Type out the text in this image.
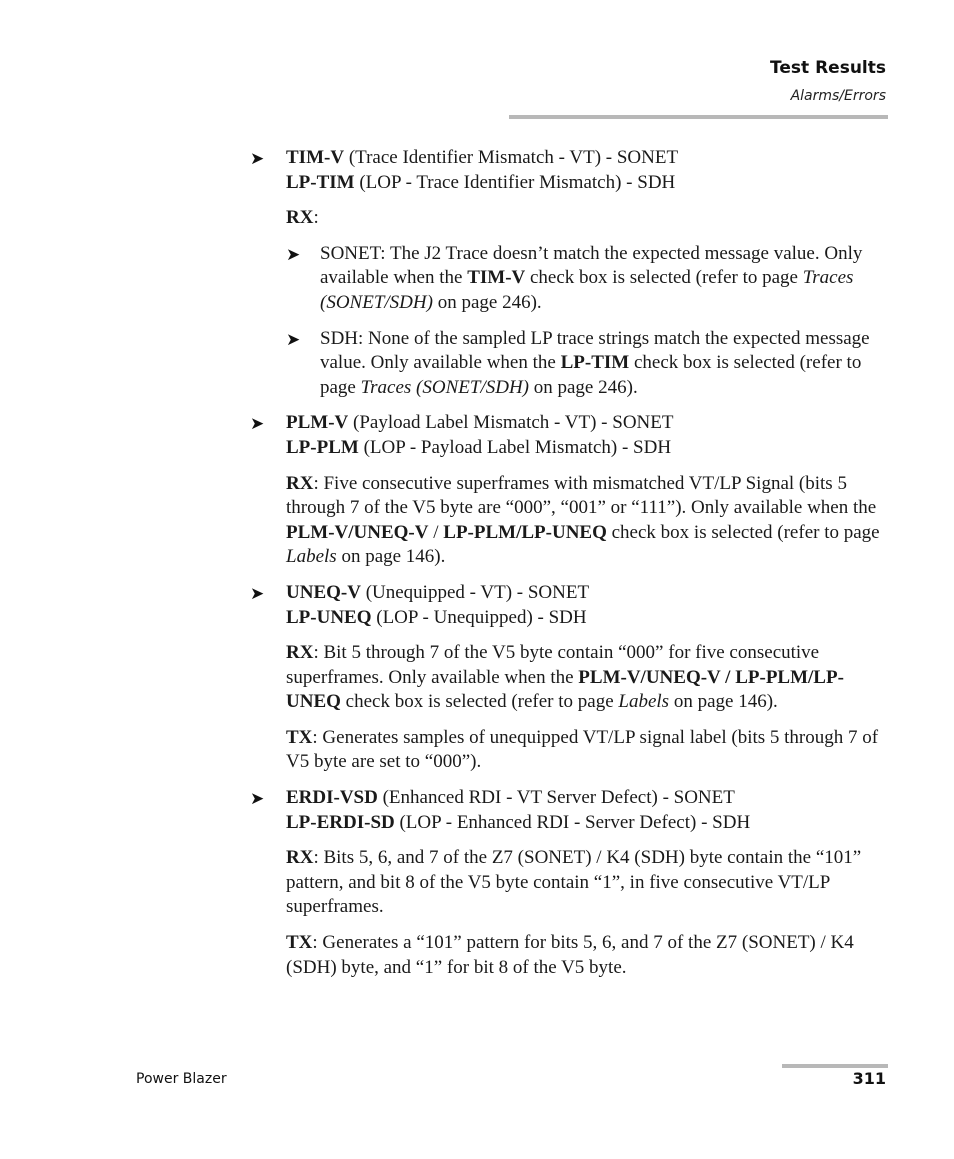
Test Results
Alarms/Errors
➤ TIM-V (Trace Identifier Mismatch - VT) - SONET
LP-TIM (LOP - Trace Identifier Mismatch) - SDH

RX:

➤ SONET: The J2 Trace doesn’t match the expected message value. Only available when the TIM-V check box is selected (refer to page Traces (SONET/SDH) on page 246).

➤ SDH: None of the sampled LP trace strings match the expected message value. Only available when the LP-TIM check box is selected (refer to page Traces (SONET/SDH) on page 246).

➤ PLM-V (Payload Label Mismatch - VT) - SONET
LP-PLM (LOP - Payload Label Mismatch) - SDH

RX: Five consecutive superframes with mismatched VT/LP Signal (bits 5 through 7 of the V5 byte are “000”, “001” or “111”). Only available when the PLM-V/UNEQ-V / LP-PLM/LP-UNEQ check box is selected (refer to page Labels on page 146).

➤ UNEQ-V (Unequipped - VT) - SONET
LP-UNEQ (LOP - Unequipped) - SDH

RX: Bit 5 through 7 of the V5 byte contain “000” for five consecutive superframes. Only available when the PLM-V/UNEQ-V / LP-PLM/LP-UNEQ check box is selected (refer to page Labels on page 146).

TX: Generates samples of unequipped VT/LP signal label (bits 5 through 7 of V5 byte are set to “000”).

➤ ERDI-VSD (Enhanced RDI - VT Server Defect) - SONET
LP-ERDI-SD (LOP - Enhanced RDI - Server Defect) - SDH

RX: Bits 5, 6, and 7 of the Z7 (SONET) / K4 (SDH) byte contain the “101” pattern, and bit 8 of the V5 byte contain “1”, in five consecutive VT/LP superframes.

TX: Generates a “101” pattern for bits 5, 6, and 7 of the Z7 (SONET) / K4 (SDH) byte, and “1” for bit 8 of the V5 byte.

Power Blazer	311
